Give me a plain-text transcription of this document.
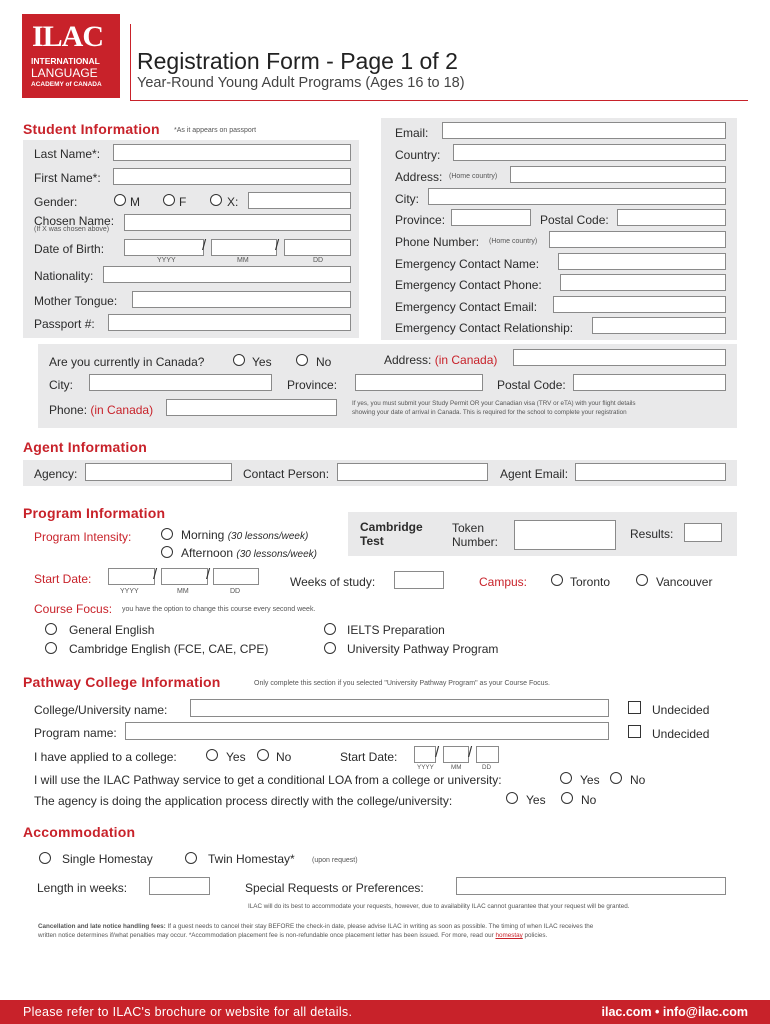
ILAC
INTERNATIONAL
LANGUAGE
ACADEMY of CANADA
Registration Form - Page 1 of 2
Year-Round Young Adult Programs (Ages 16 to 18)
Student Information *As it appears on passport
Last Name*:
First Name*:
Gender:	M	F	X:
Chosen Name:
(If X was chosen above)
Date of Birth:	/	/
YYYY	MM	DD
Nationality:
Mother Tongue:
Passport #:
Email:
Country:
Address: (Home country)
City:
Province:	Postal Code:
Phone Number: (Home country)
Emergency Contact Name:
Emergency Contact Phone:
Emergency Contact Email:
Emergency Contact Relationship:
Are you currently in Canada?	Yes	No	Address: (in Canada)
City:	Province:	Postal Code:
Phone: (in Canada)	If yes, you must submit your Study Permit OR your Canadian visa (TRV or eTA) with your flight details
showing your date of arrival in Canada. This is required for the school to complete your registration
Agent Information
Agency:	Contact Person:	Agent Email:
Program Information
Program Intensity:	Morning (30 lessons/week)
Afternoon (30 lessons/week)
Cambridge
Test
Token
Number:
Results:
Start Date:	/	/
YYYY	MM	DD
Weeks of study:	Campus:	Toronto	Vancouver
Course Focus: you have the option to change this course every second week.
General English
Cambridge English (FCE, CAE, CPE)
IELTS Preparation
University Pathway Program
Pathway College Information	Only complete this section if you selected "University Pathway Program" as your Course Focus.
College/University name:	Undecided
Program name:	Undecided
I have applied to a college:	Yes	No	Start Date:	/ /
YYYY	MM	DD
I will use the ILAC Pathway service to get a conditional LOA from a college or university:	Yes	No
The agency is doing the application process directly with the college/university:	Yes	No
Accommodation
Single Homestay	Twin Homestay* (upon request)
Length in weeks:	Special Requests or Preferences:
ILAC will do its best to accommodate your requests, however, due to availability ILAC cannot guarantee that your request will be granted.
Cancellation and late notice handling fees: If a guest needs to cancel their stay BEFORE the check-in date, please advise ILAC in writing as soon as possible. The timing of when ILAC receives the
written notice determines if/what penalties may occur. *Accommodation placement fee is non-refundable once placement letter has been issued. For more, read our homestay policies.
Please refer to ILAC's brochure or website for all details.	ilac.com • info@ilac.com
